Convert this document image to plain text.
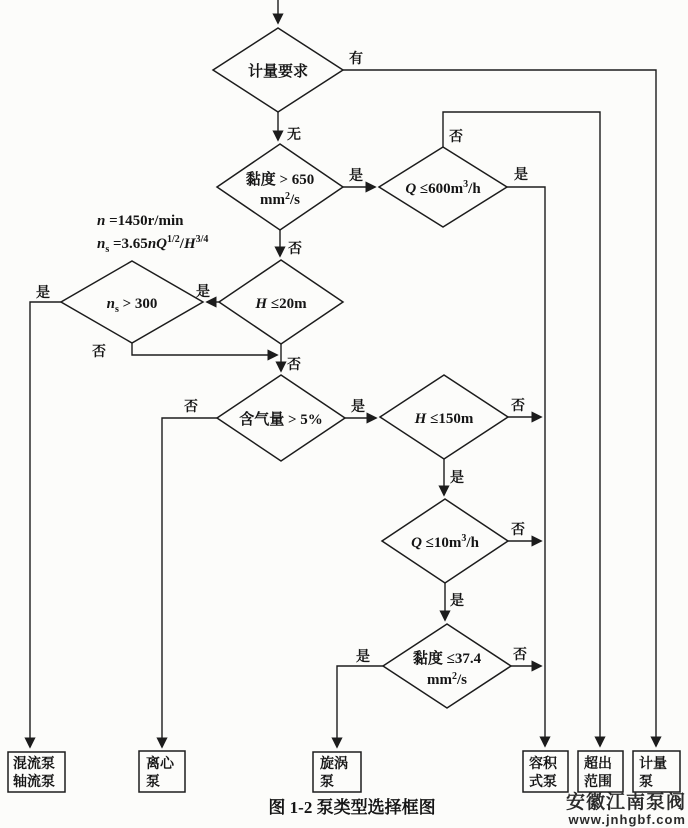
计量要求
黏度 > 650
$mm^2/s$
$Q \le 600m^3/h$
$n_s > 300$	H ≤20m
含气量 > 5%	H ≤150m
$Q \le 10m^3/h$
黏度 ≤37.4
$mm^2/s$
n =1450r/min
$n_s =3.65nQ^{1/2}/H^{3/4}$
有
无
是
否
是
否
是
是
否
否
否	是	否
是
否
是
是	否
混流泵
轴流泵
离心
泵
旋涡
泵
容积
式泵
超出
范围
计量
泵
图 1-2 泵类型选择框图	安徽江南泵阀
www.jnhgbf.com
